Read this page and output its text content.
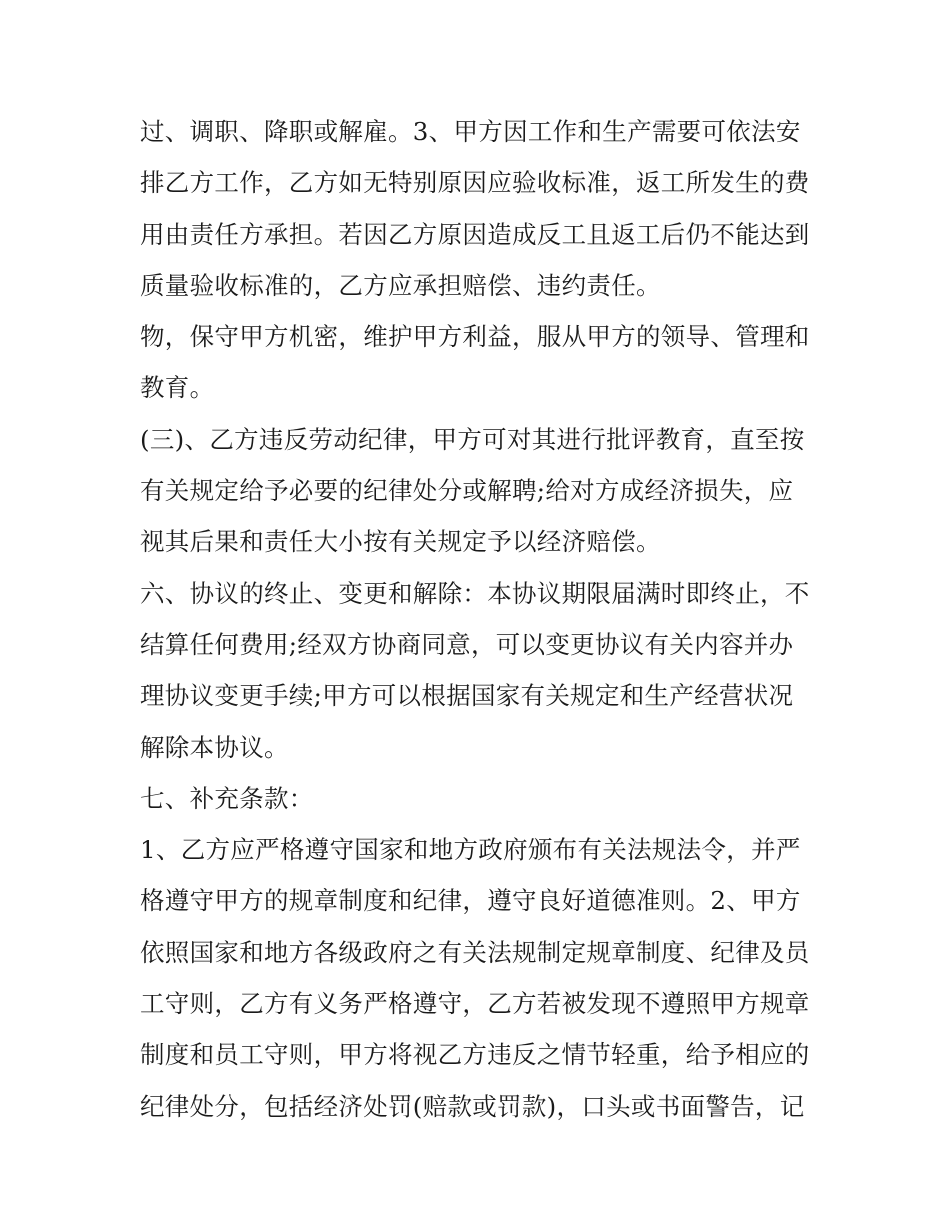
过、调职、降职或解雇。3、甲方因工作和生产需要可依法安
排乙方工作，乙方如无特别原因应验收标准，返工所发生的费
用由责任方承担。若因乙方原因造成反工且返工后仍不能达到
质量验收标准的，乙方应承担赔偿、违约责任。
物，保守甲方机密，维护甲方利益，服从甲方的领导、管理和
教育。
(三)、乙方违反劳动纪律，甲方可对其进行批评教育，直至按
有关规定给予必要的纪律处分或解聘;给对方成经济损失，应
视其后果和责任大小按有关规定予以经济赔偿。
六、协议的终止、变更和解除：本协议期限届满时即终止，不
结算任何费用;经双方协商同意，可以变更协议有关内容并办
理协议变更手续;甲方可以根据国家有关规定和生产经营状况
解除本协议。
七、补充条款：
1、乙方应严格遵守国家和地方政府颁布有关法规法令，并严
格遵守甲方的规章制度和纪律，遵守良好道德准则。2、甲方
依照国家和地方各级政府之有关法规制定规章制度、纪律及员
工守则，乙方有义务严格遵守，乙方若被发现不遵照甲方规章
制度和员工守则，甲方将视乙方违反之情节轻重，给予相应的
纪律处分，包括经济处罚(赔款或罚款)，口头或书面警告，记
